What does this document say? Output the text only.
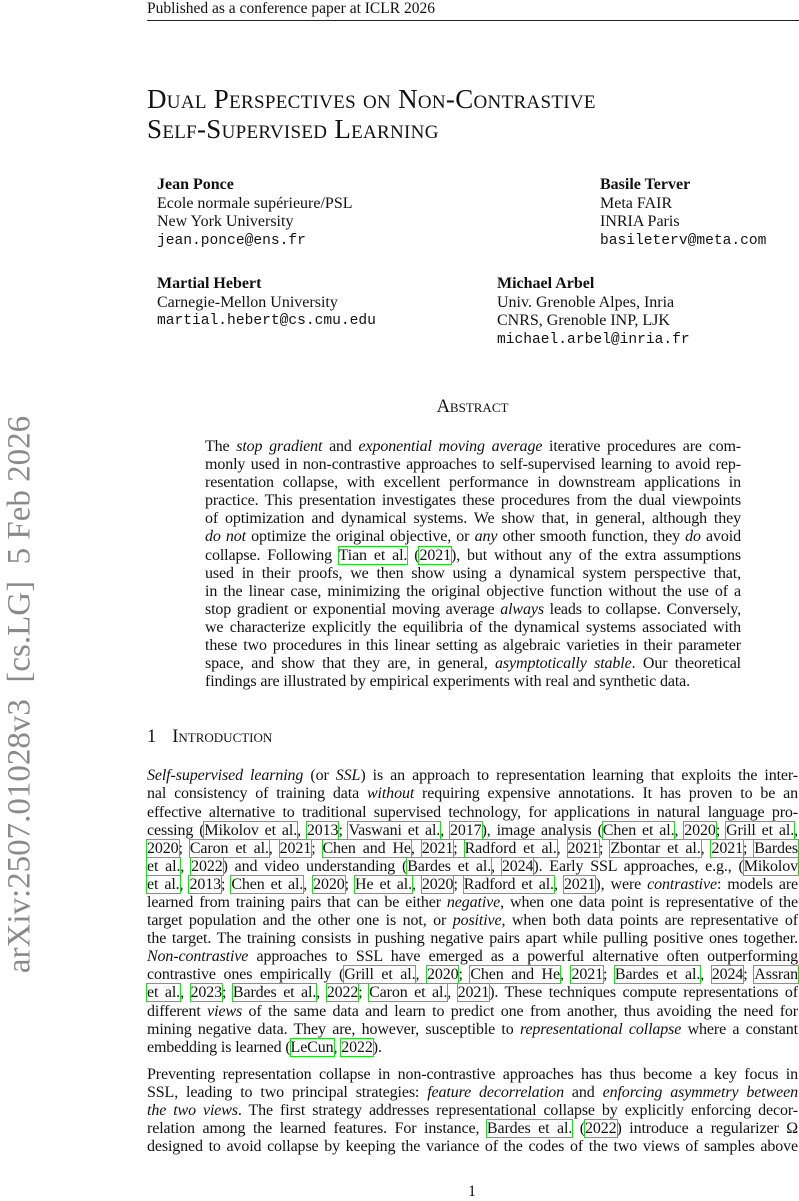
Published as a conference paper at ICLR 2026
Dual Perspectives on Non-Contrastive
Self-Supervised Learning
Jean Ponce
Ecole normale supérieure/PSL
New York University
jean.ponce@ens.fr
Basile Terver
Meta FAIR
INRIA Paris
basileterv@meta.com
Martial Hebert
Carnegie-Mellon University
martial.hebert@cs.cmu.edu
Michael Arbel
Univ. Grenoble Alpes, Inria
CNRS, Grenoble INP, LJK
michael.arbel@inria.fr
Abstract
The stop gradient and exponential moving average iterative procedures are com-
monly used in non-contrastive approaches to self-supervised learning to avoid rep-
resentation collapse, with excellent performance in downstream applications in
practice. This presentation investigates these procedures from the dual viewpoints
of optimization and dynamical systems. We show that, in general, although they
do not optimize the original objective, or any other smooth function, they do avoid
collapse. Following Tian et al. (2021), but without any of the extra assumptions
used in their proofs, we then show using a dynamical system perspective that,
in the linear case, minimizing the original objective function without the use of a
stop gradient or exponential moving average always leads to collapse. Conversely,
we characterize explicitly the equilibria of the dynamical systems associated with
these two procedures in this linear setting as algebraic varieties in their parameter
space, and show that they are, in general, asymptotically stable. Our theoretical
findings are illustrated by empirical experiments with real and synthetic data.
1 Introduction
Self-supervised learning (or SSL) is an approach to representation learning that exploits the inter-
nal consistency of training data without requiring expensive annotations. It has proven to be an
effective alternative to traditional supervised technology, for applications in natural language pro-
cessing (Mikolov et al., 2013; Vaswani et al., 2017), image analysis (Chen et al., 2020; Grill et al.,
2020; Caron et al., 2021; Chen and He, 2021; Radford et al., 2021; Zbontar et al., 2021; Bardes
et al., 2022) and video understanding (Bardes et al., 2024). Early SSL approaches, e.g., (Mikolov
et al., 2013; Chen et al., 2020; He et al., 2020; Radford et al., 2021), were contrastive: models are
learned from training pairs that can be either negative, when one data point is representative of the
target population and the other one is not, or positive, when both data points are representative of
the target. The training consists in pushing negative pairs apart while pulling positive ones together.
Non-contrastive approaches to SSL have emerged as a powerful alternative often outperforming
contrastive ones empirically (Grill et al., 2020; Chen and He, 2021; Bardes et al., 2024; Assran
et al., 2023; Bardes et al., 2022; Caron et al., 2021). These techniques compute representations of
different views of the same data and learn to predict one from another, thus avoiding the need for
mining negative data. They are, however, susceptible to representational collapse where a constant
embedding is learned (LeCun, 2022).
Preventing representation collapse in non-contrastive approaches has thus become a key focus in
SSL, leading to two principal strategies: feature decorrelation and enforcing asymmetry between
the two views. The first strategy addresses representational collapse by explicitly enforcing decor-
relation among the learned features. For instance, Bardes et al. (2022) introduce a regularizer Ω
designed to avoid collapse by keeping the variance of the codes of the two views of samples above
1
arXiv:2507.01028v3  [cs.LG]  5 Feb 2026
